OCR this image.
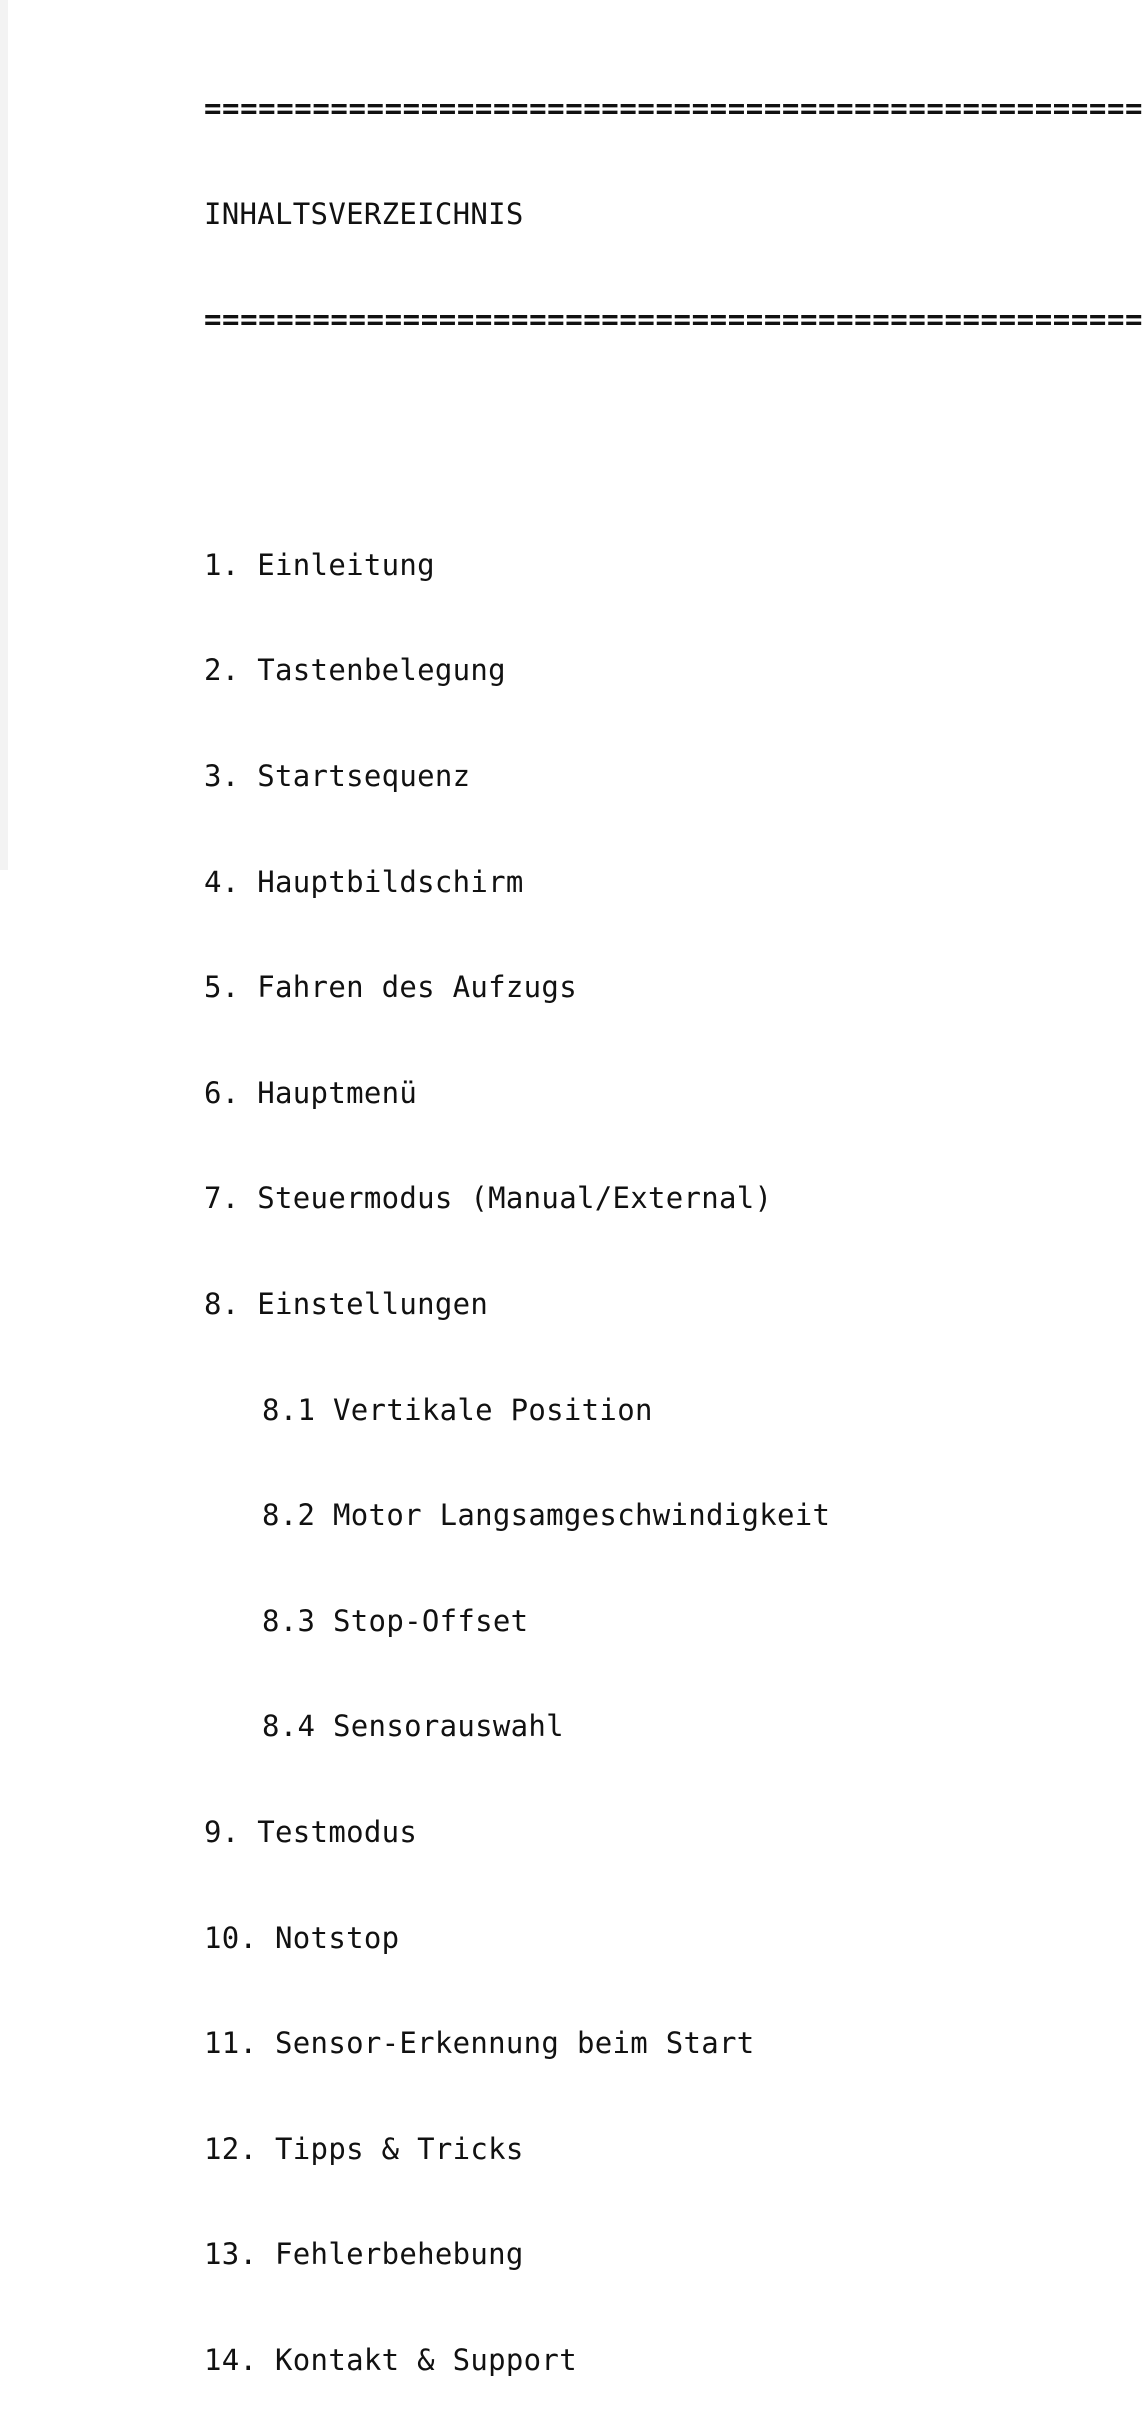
====================================================

INHALTSVERZEICHNIS

====================================================

1. Einleitung

2. Tastenbelegung

3. Startsequenz

4. Hauptbildschirm

5. Fahren des Aufzugs

6. Hauptmenü

7. Steuermodus (Manual/External)

8. Einstellungen

8.1 Vertikale Position

8.2 Motor Langsamgeschwindigkeit

8.3 Stop-Offset

8.4 Sensorauswahl

9. Testmodus

10. Notstop

11. Sensor-Erkennung beim Start

12. Tipps & Tricks

13. Fehlerbehebung

14. Kontakt & Support
